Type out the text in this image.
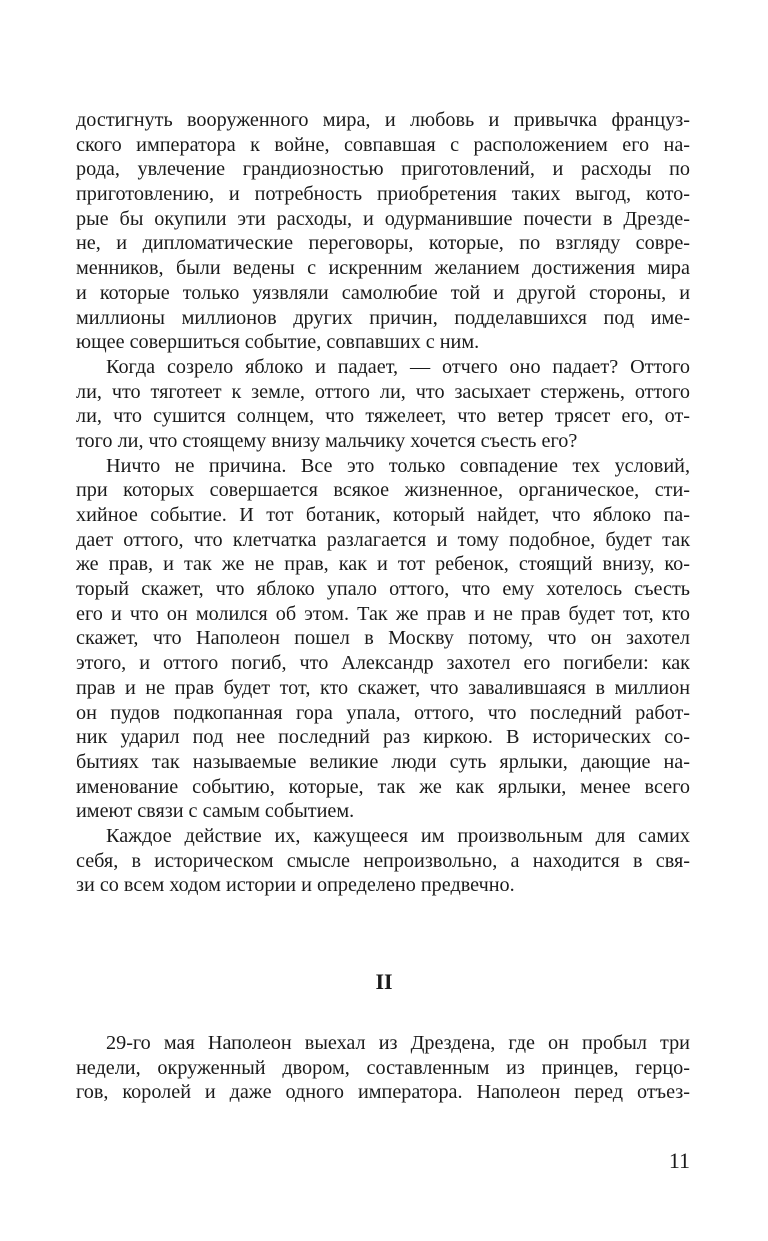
достигнуть вооруженного мира, и любовь и привычка француз-
ского императора к войне, совпавшая с расположением его на-
рода, увлечение грандиозностью приготовлений, и расходы по
приготовлению, и потребность приобретения таких выгод, кото-
рые бы окупили эти расходы, и одурманившие почести в Дрезде-
не, и дипломатические переговоры, которые, по взгляду совре-
менников, были ведены с искренним желанием достижения мира
и которые только уязвляли самолюбие той и другой стороны, и
миллионы миллионов других причин, подделавшихся под име-
ющее совершиться событие, совпавших с ним.
Когда созрело яблоко и падает, — отчего оно падает? Оттого
ли, что тяготеет к земле, оттого ли, что засыхает стержень, оттого
ли, что сушится солнцем, что тяжелеет, что ветер трясет его, от-
того ли, что стоящему внизу мальчику хочется съесть его?
Ничто не причина. Все это только совпадение тех условий,
при которых совершается всякое жизненное, органическое, сти-
хийное событие. И тот ботаник, который найдет, что яблоко па-
дает оттого, что клетчатка разлагается и тому подобное, будет так
же прав, и так же не прав, как и тот ребенок, стоящий внизу, ко-
торый скажет, что яблоко упало оттого, что ему хотелось съесть
его и что он молился об этом. Так же прав и не прав будет тот, кто
скажет, что Наполеон пошел в Москву потому, что он захотел
этого, и оттого погиб, что Александр захотел его погибели: как
прав и не прав будет тот, кто скажет, что завалившаяся в миллион
он пудов подкопанная гора упала, оттого, что последний работ-
ник ударил под нее последний раз киркою. В исторических со-
бытиях так называемые великие люди суть ярлыки, дающие на-
именование событию, которые, так же как ярлыки, менее всего
имеют связи с самым событием.
Каждое действие их, кажущееся им произвольным для самих
себя, в историческом смысле непроизвольно, а находится в свя-
зи со всем ходом истории и определено предвечно.
II
29-го мая Наполеон выехал из Дрездена, где он пробыл три
недели, окруженный двором, составленным из принцев, герцо-
гов, королей и даже одного императора. Наполеон перед отъез-
11
